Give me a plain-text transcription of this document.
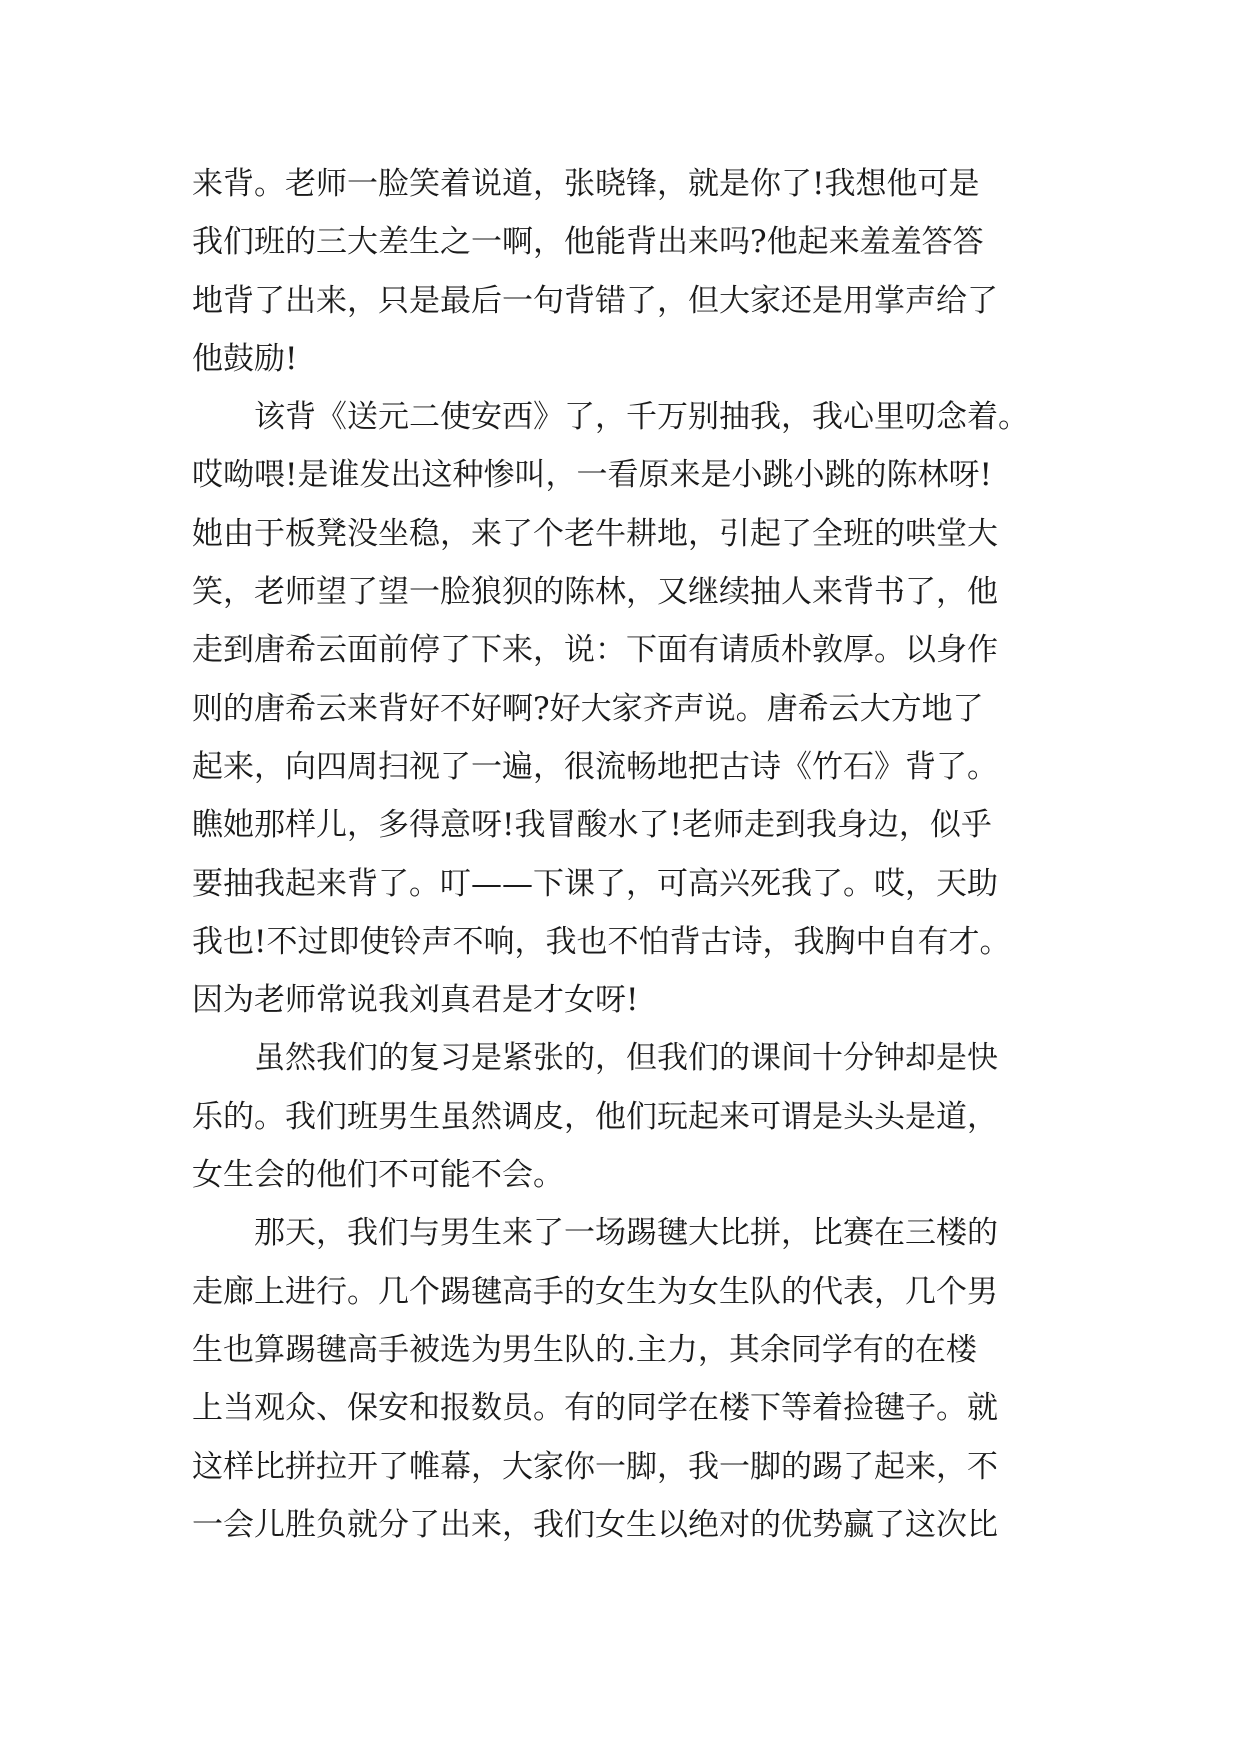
来背。老师一脸笑着说道，张晓锋，就是你了!我想他可是
我们班的三大差生之一啊，他能背出来吗?他起来羞羞答答
地背了出来，只是最后一句背错了，但大家还是用掌声给了
他鼓励!
该背《送元二使安西》了，千万别抽我，我心里叨念着。
哎呦喂!是谁发出这种惨叫，一看原来是小跳小跳的陈林呀!
她由于板凳没坐稳，来了个老牛耕地，引起了全班的哄堂大
笑，老师望了望一脸狼狈的陈林，又继续抽人来背书了，他
走到唐希云面前停了下来，说：下面有请质朴敦厚。以身作
则的唐希云来背好不好啊?好大家齐声说。唐希云大方地了
起来，向四周扫视了一遍，很流畅地把古诗《竹石》背了。
瞧她那样儿，多得意呀!我冒酸水了!老师走到我身边，似乎
要抽我起来背了。叮——下课了，可高兴死我了。哎，天助
我也!不过即使铃声不响，我也不怕背古诗，我胸中自有才。
因为老师常说我刘真君是才女呀!
虽然我们的复习是紧张的，但我们的课间十分钟却是快
乐的。我们班男生虽然调皮，他们玩起来可谓是头头是道，
女生会的他们不可能不会。
那天，我们与男生来了一场踢毽大比拼，比赛在三楼的
走廊上进行。几个踢毽高手的女生为女生队的代表，几个男
生也算踢毽高手被选为男生队的.主力，其余同学有的在楼
上当观众、保安和报数员。有的同学在楼下等着捡毽子。就
这样比拼拉开了帷幕，大家你一脚，我一脚的踢了起来，不
一会儿胜负就分了出来，我们女生以绝对的优势赢了这次比
